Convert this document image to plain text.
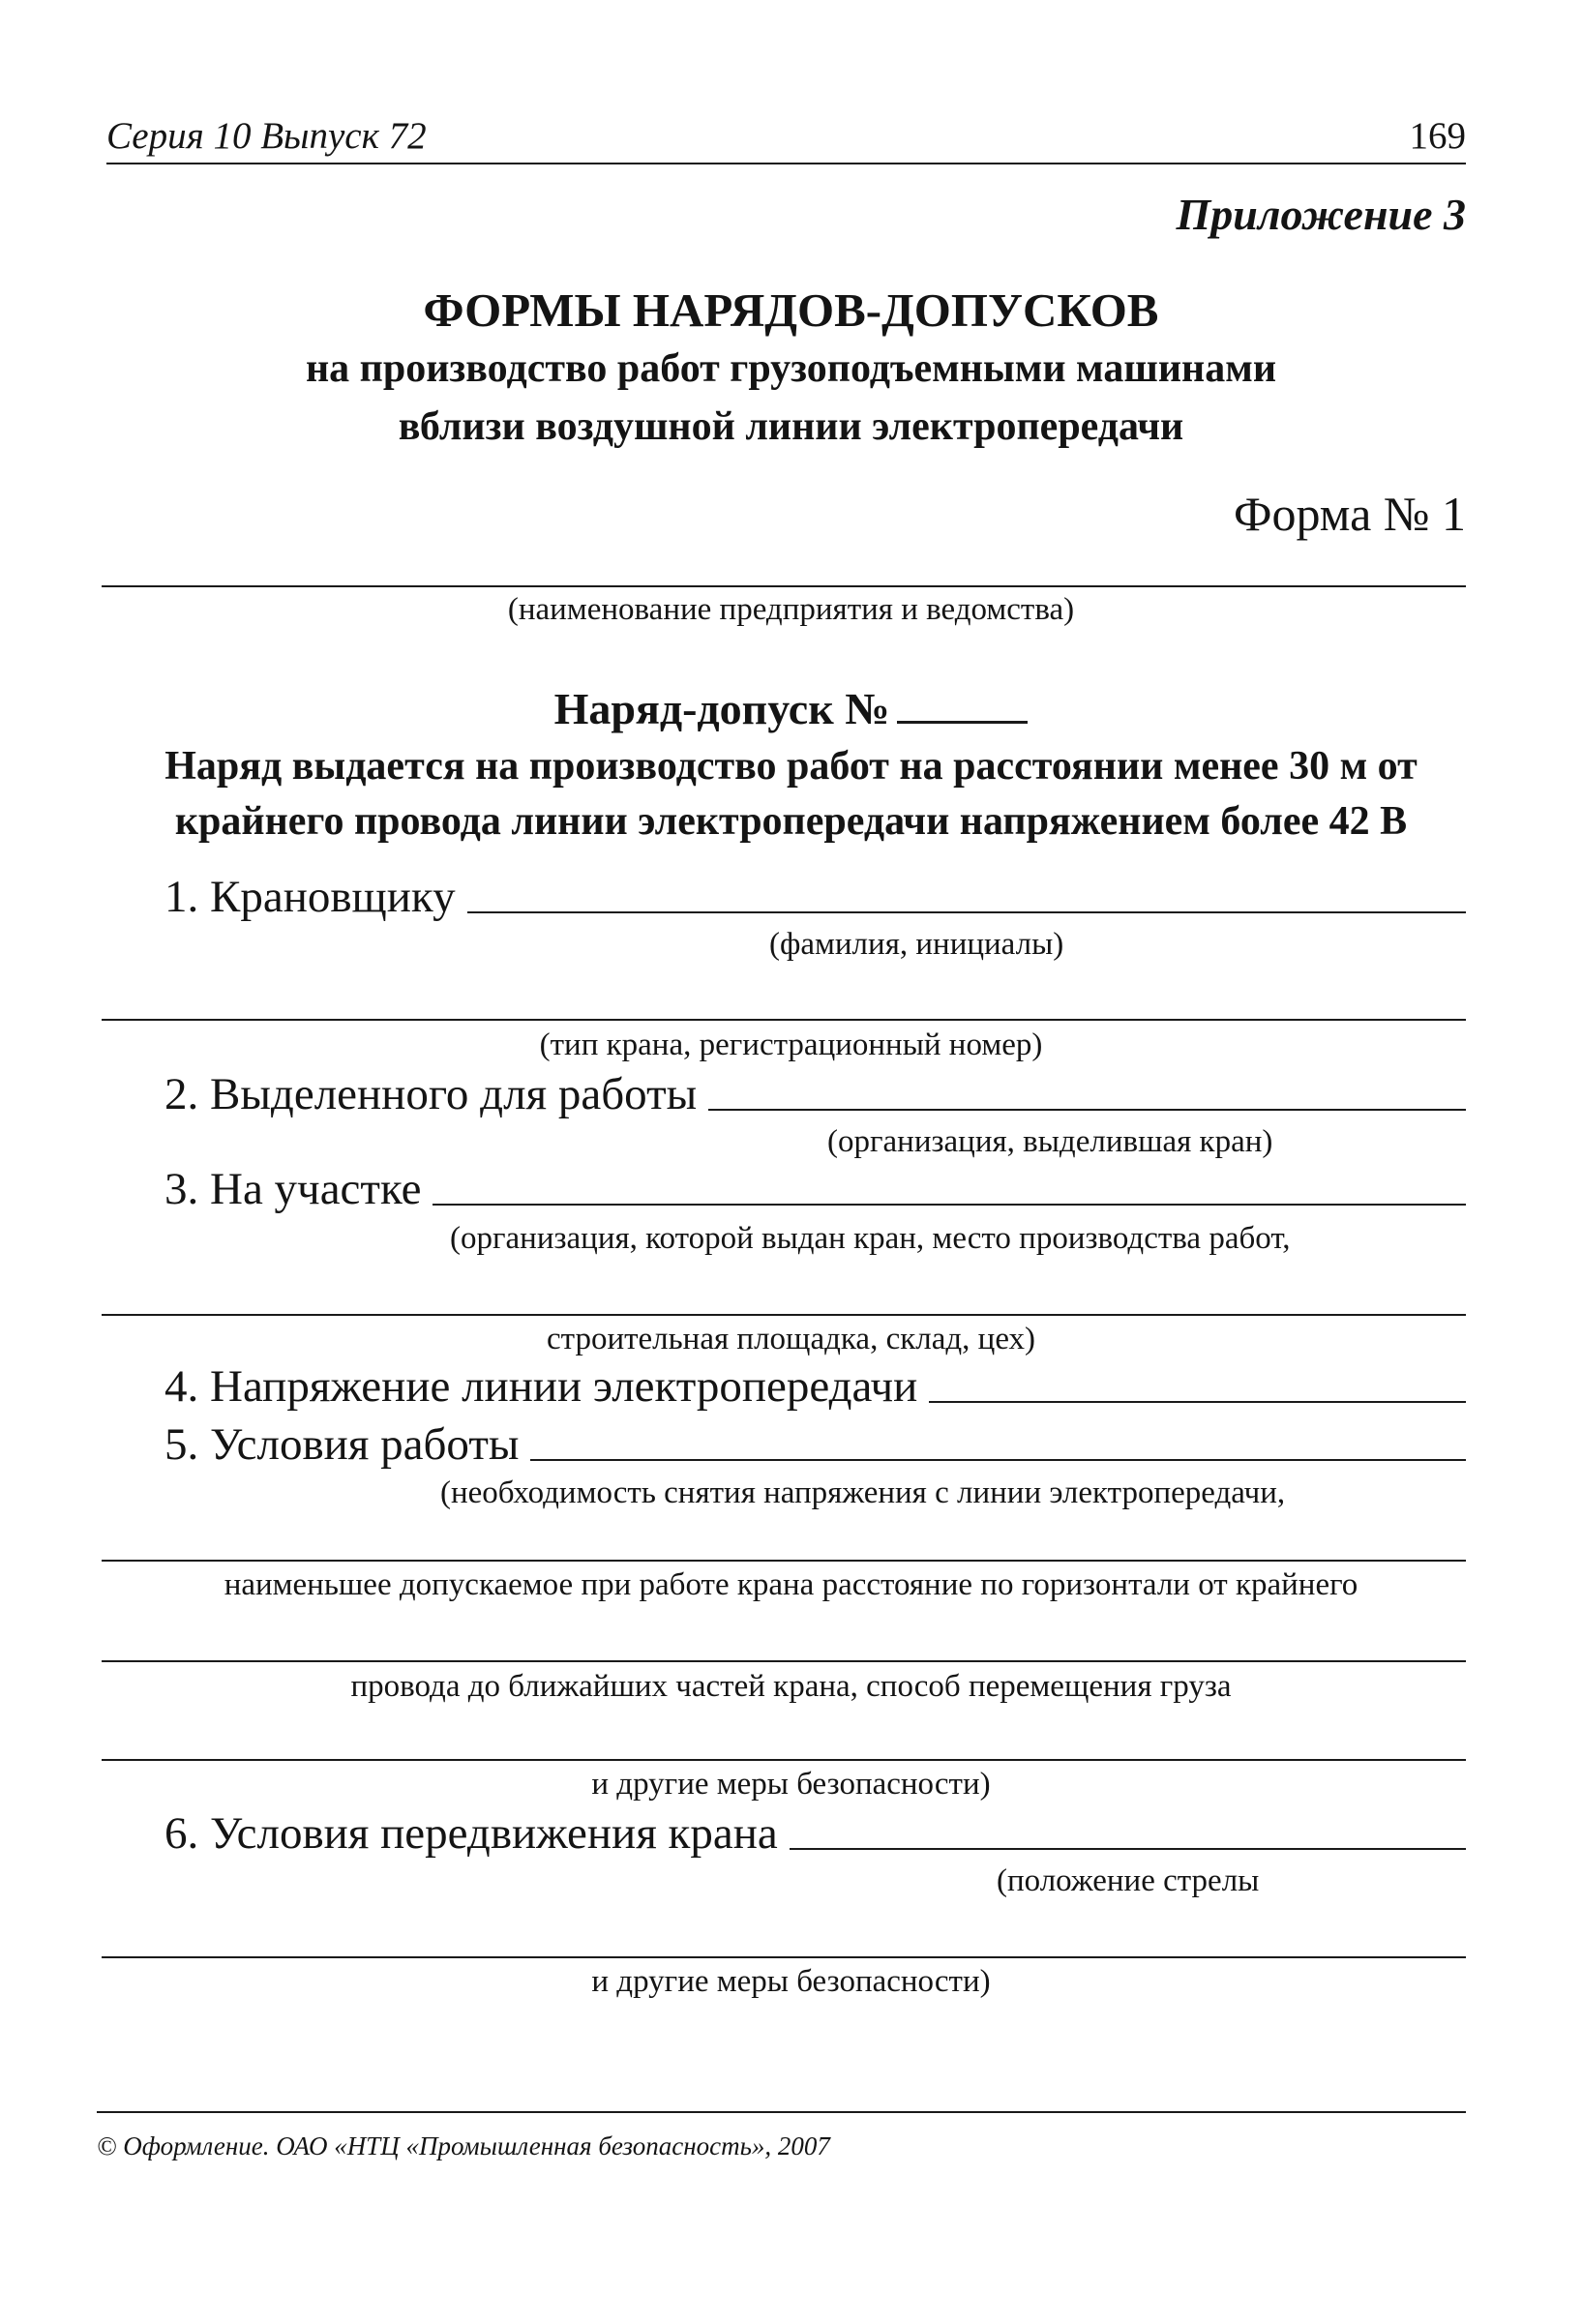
Серия 10 Выпуск 72	169
Приложение 3
ФОРМЫ НАРЯДОВ-ДОПУСКОВ
на производство работ грузоподъемными машинами
вблизи воздушной линии электропередачи
Форма № 1
(наименование предприятия и ведомства)
Наряд-допуск №
Наряд выдается на производство работ на расстоянии менее 30 м от
крайнего провода линии электропередачи напряжением более 42 В
1. Крановщику
(фамилия, инициалы)
(тип крана, регистрационный номер)
2. Выделенного для работы
(организация, выделившая кран)
3. На участке
(организация, которой выдан кран, место производства работ,
строительная площадка, склад, цех)
4. Напряжение линии электропередачи
5. Условия работы
(необходимость снятия напряжения с линии электропередачи,
наименьшее допускаемое при работе крана расстояние по горизонтали от крайнего
провода до ближайших частей крана, способ перемещения груза
и другие меры безопасности)
6. Условия передвижения крана
(положение стрелы
и другие меры безопасности)
© Оформление. ОАО «НТЦ «Промышленная безопасность», 2007
